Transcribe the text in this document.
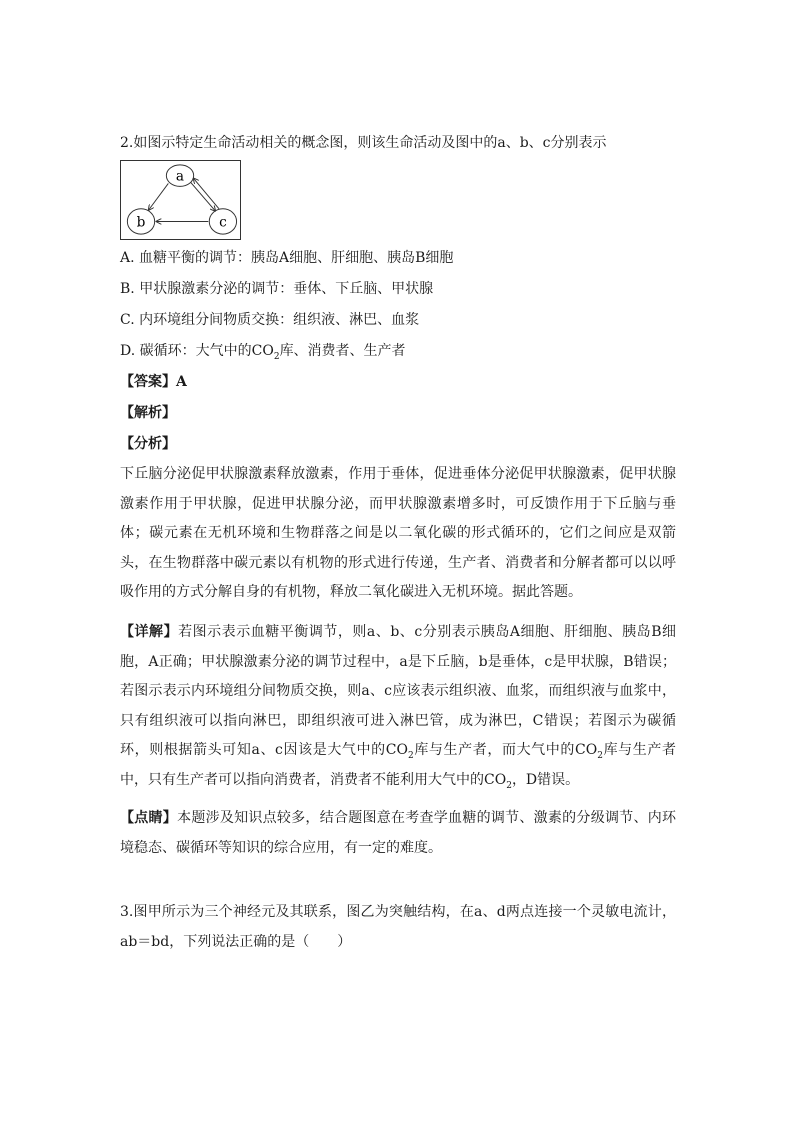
2.如图示特定生命活动相关的概念图，则该生命活动及图中的a、b、c分别表示
a
b	c
A. 血糖平衡的调节：胰岛A细胞、肝细胞、胰岛B细胞
B. 甲状腺激素分泌的调节：垂体、下丘脑、甲状腺
C. 内环境组分间物质交换：组织液、淋巴、血浆
D. 碳循环：大气中的$CO_2$库、消费者、生产者
【答案】A
【解析】
【分析】
下丘脑分泌促甲状腺激素释放激素，作用于垂体，促进垂体分泌促甲状腺激素，促甲状腺激素作用于甲状腺，促进甲状腺分泌，而甲状腺激素增多时，可反馈作用于下丘脑与垂体；碳元素在无机环境和生物群落之间是以二氧化碳的形式循环的，它们之间应是双箭头，在生物群落中碳元素以有机物的形式进行传递，生产者、消费者和分解者都可以以呼吸作用的方式分解自身的有机物，释放二氧化碳进入无机环境。据此答题。
【详解】若图示表示血糖平衡调节，则a、b、c分别表示胰岛A细胞、肝细胞、胰岛B细胞，A正确；甲状腺激素分泌的调节过程中，a是下丘脑，b是垂体，c是甲状腺，B错误；若图示表示内环境组分间物质交换，则a、c应该表示组织液、血浆，而组织液与血浆中，只有组织液可以指向淋巴，即组织液可进入淋巴管，成为淋巴，C错误；若图示为碳循环，则根据箭头可知a、c因该是大气中的$CO_2$库与生产者，而大气中的$CO_2$库与生产者中，只有生产者可以指向消费者，消费者不能利用大气中的$CO_2$，D错误。
【点睛】本题涉及知识点较多，结合题图意在考查学血糖的调节、激素的分级调节、内环境稳态、碳循环等知识的综合应用，有一定的难度。
3.图甲所示为三个神经元及其联系，图乙为突触结构，在a、d两点连接一个灵敏电流计，ab＝bd，下列说法正确的是（　　）
